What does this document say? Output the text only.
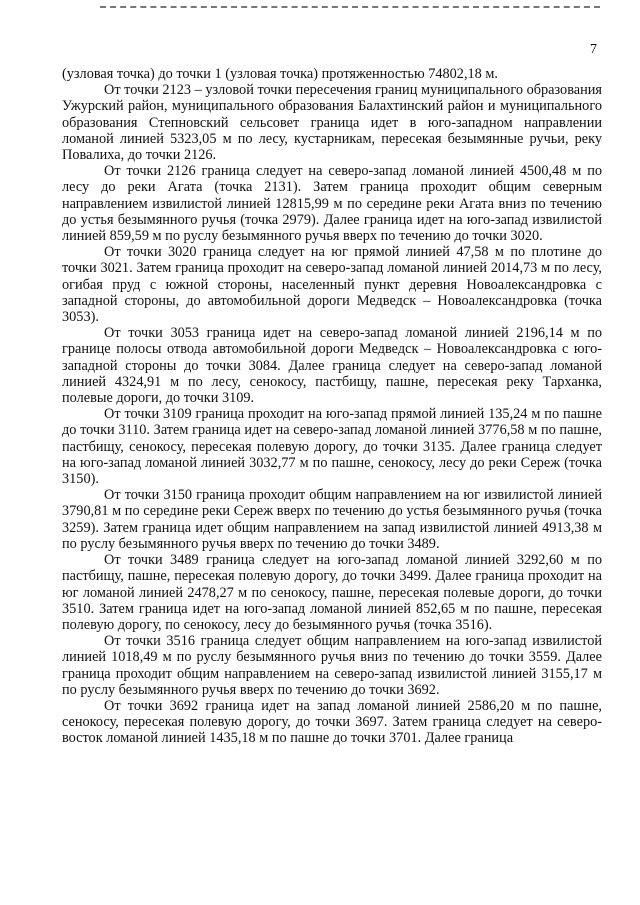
7

(узловая точка) до точки 1 (узловая точка) протяженностью 74802,18 м.

От точки 2123 – узловой точки пересечения границ муниципального образования Ужурский район, муниципального образования Балахтинский район и муниципального образования Степновский сельсовет граница идет в юго-западном направлении ломаной линией 5323,05 м по лесу, кустарникам, пересекая безымянные ручьи, реку Повалиха, до точки 2126.

От точки 2126 граница следует на северо-запад ломаной линией 4500,48 м по лесу до реки Агата (точка 2131). Затем граница проходит общим северным направлением извилистой линией 12815,99 м по середине реки Агата вниз по течению до устья безымянного ручья (точка 2979). Далее граница идет на юго-запад извилистой линией 859,59 м по руслу безымянного ручья вверх по течению до точки 3020.

От точки 3020 граница следует на юг прямой линией 47,58 м по плотине до точки 3021. Затем граница проходит на северо-запад ломаной линией 2014,73 м по лесу, огибая пруд с южной стороны, населенный пункт деревня Новоалександровка с западной стороны, до автомобильной дороги Медведск – Новоалександровка (точка 3053).

От точки 3053 граница идет на северо-запад ломаной линией 2196,14 м по границе полосы отвода автомобильной дороги Медведск – Новоалександровка с юго-западной стороны до точки 3084. Далее граница следует на северо-запад ломаной линией 4324,91 м по лесу, сенокосу, пастбищу, пашне, пересекая реку Тарханка, полевые дороги, до точки 3109.

От точки 3109 граница проходит на юго-запад прямой линией 135,24 м по пашне до точки 3110. Затем граница идет на северо-запад ломаной линией 3776,58 м по пашне, пастбищу, сенокосу, пересекая полевую дорогу, до точки 3135. Далее граница следует на юго-запад ломаной линией 3032,77 м по пашне, сенокосу, лесу до реки Сереж (точка 3150).

От точки 3150 граница проходит общим направлением на юг извилистой линией 3790,81 м по середине реки Сереж вверх по течению до устья безымянного ручья (точка 3259). Затем граница идет общим направлением на запад извилистой линией 4913,38 м по руслу безымянного ручья вверх по течению до точки 3489.

От точки 3489 граница следует на юго-запад ломаной линией 3292,60 м по пастбищу, пашне, пересекая полевую дорогу, до точки 3499. Далее граница проходит на юг ломаной линией 2478,27 м по сенокосу, пашне, пересекая полевые дороги, до точки 3510. Затем граница идет на юго-запад ломаной линией 852,65 м по пашне, пересекая полевую дорогу, по сенокосу, лесу до безымянного ручья (точка 3516).

От точки 3516 граница следует общим направлением на юго-запад извилистой линией 1018,49 м по руслу безымянного ручья вниз по течению до точки 3559. Далее граница проходит общим направлением на северо-запад извилистой линией 3155,17 м по руслу безымянного ручья вверх по течению до точки 3692.

От точки 3692 граница идет на запад ломаной линией 2586,20 м по пашне, сенокосу, пересекая полевую дорогу, до точки 3697. Затем граница следует на северо-восток ломаной линией 1435,18 м по пашне до точки 3701. Далее граница
